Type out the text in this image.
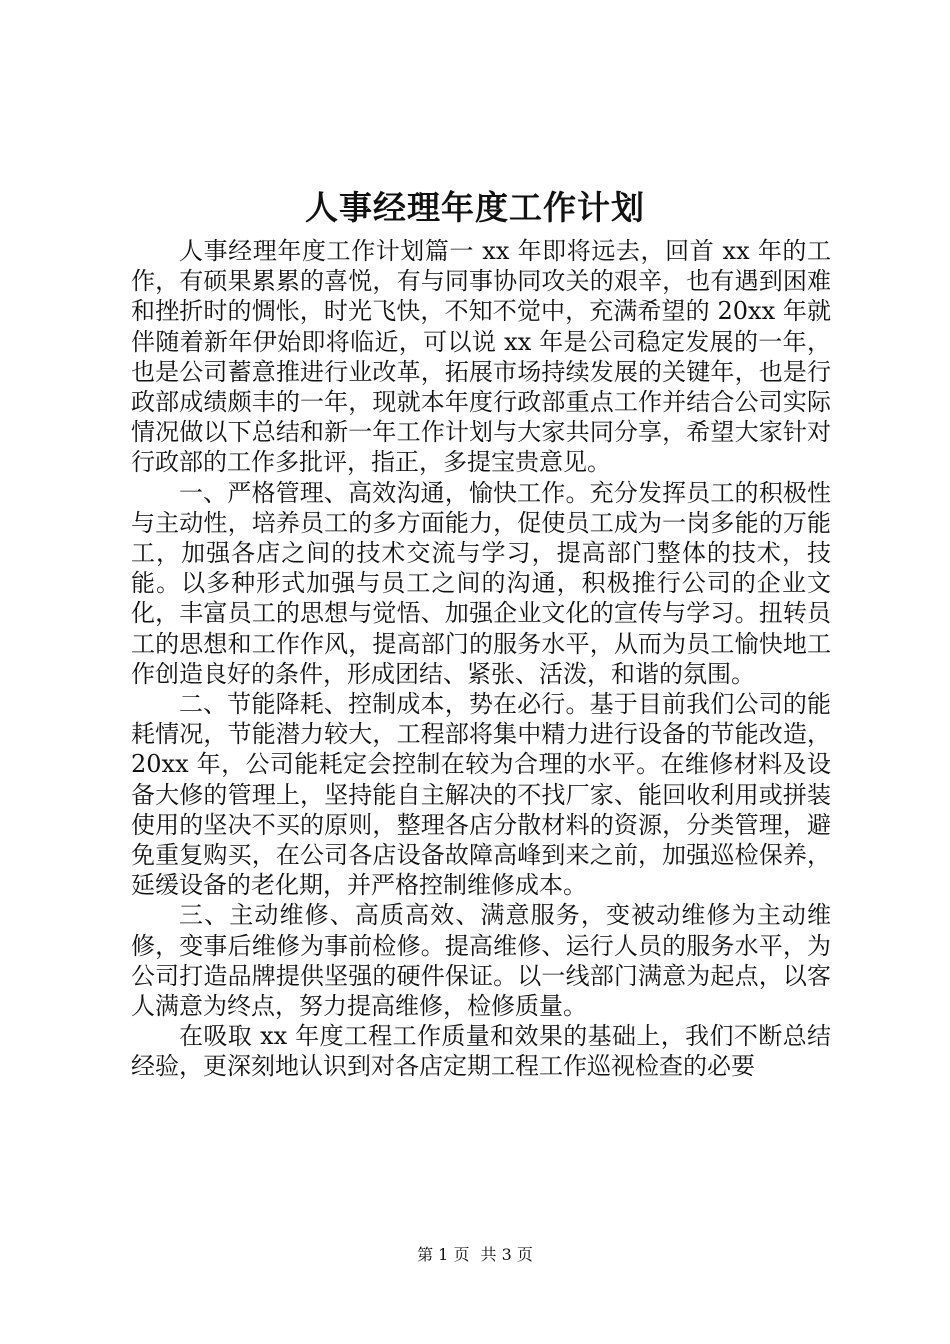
人事经理年度工作计划

人事经理年度工作计划篇一 xx 年即将远去，回首 xx 年的工作，有硕果累累的喜悦，有与同事协同攻关的艰辛，也有遇到困难和挫折时的惆怅，时光飞快，不知不觉中，充满希望的 20xx 年就伴随着新年伊始即将临近，可以说 xx 年是公司稳定发展的一年，也是公司蓄意推进行业改革，拓展市场持续发展的关键年，也是行政部成绩颇丰的一年，现就本年度行政部重点工作并结合公司实际情况做以下总结和新一年工作计划与大家共同分享，希望大家针对行政部的工作多批评，指正，多提宝贵意见。

一、严格管理、高效沟通，愉快工作。充分发挥员工的积极性与主动性，培养员工的多方面能力，促使员工成为一岗多能的万能工，加强各店之间的技术交流与学习，提高部门整体的技术，技能。以多种形式加强与员工之间的沟通，积极推行公司的企业文化，丰富员工的思想与觉悟、加强企业文化的宣传与学习。扭转员工的思想和工作作风，提高部门的服务水平，从而为员工愉快地工作创造良好的条件，形成团结、紧张、活泼，和谐的氛围。

二、节能降耗、控制成本，势在必行。基于目前我们公司的能耗情况，节能潜力较大，工程部将集中精力进行设备的节能改造，20xx 年，公司能耗定会控制在较为合理的水平。在维修材料及设备大修的管理上，坚持能自主解决的不找厂家、能回收利用或拼装使用的坚决不买的原则，整理各店分散材料的资源，分类管理，避免重复购买，在公司各店设备故障高峰到来之前，加强巡检保养，延缓设备的老化期，并严格控制维修成本。

三、主动维修、高质高效、满意服务，变被动维修为主动维修，变事后维修为事前检修。提高维修、运行人员的服务水平，为公司打造品牌提供坚强的硬件保证。以一线部门满意为起点，以客人满意为终点，努力提高维修，检修质量。

在吸取 xx 年度工程工作质量和效果的基础上，我们不断总结经验，更深刻地认识到对各店定期工程工作巡视检查的必要

第 1 页 共 3 页
